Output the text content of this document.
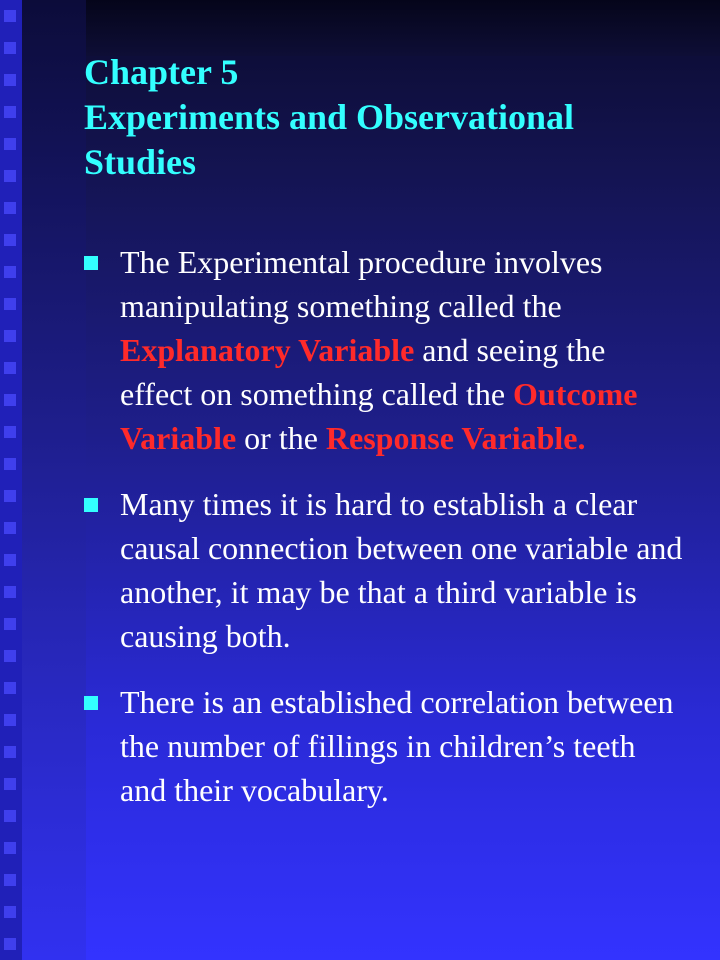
Chapter 5
Experiments and Observational
Studies
The Experimental procedure involves manipulating something called the Explanatory Variable and seeing the effect on something called the Outcome Variable or the Response Variable.
Many times it is hard to establish a clear causal connection between one variable and another, it may be that a third variable is causing both.
There is an established correlation between the number of fillings in children’s teeth and their vocabulary.
